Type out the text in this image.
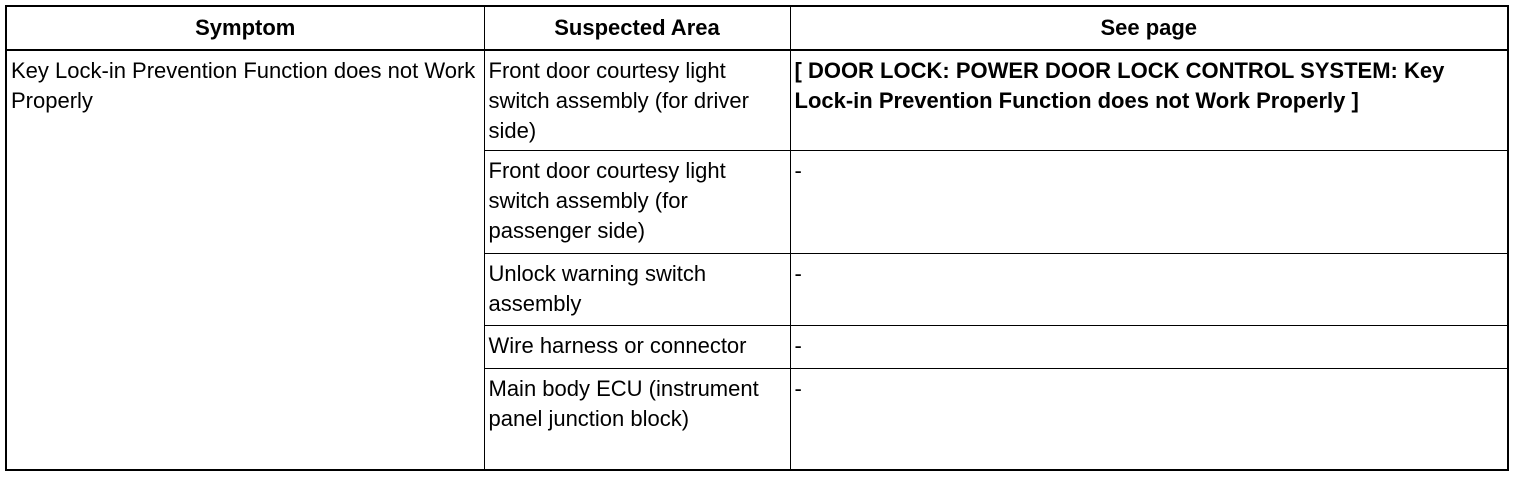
Symptom	Suspected Area	See page
Key Lock-in Prevention Function does not Work Properly	Front door courtesy light switch assembly (for driver side)	[ DOOR LOCK: POWER DOOR LOCK CONTROL SYSTEM: Key Lock-in Prevention Function does not Work Properly ]
	Front door courtesy light switch assembly (for passenger side)	-
	Unlock warning switch assembly	-
	Wire harness or connector	-
	Main body ECU (instrument panel junction block)	-
